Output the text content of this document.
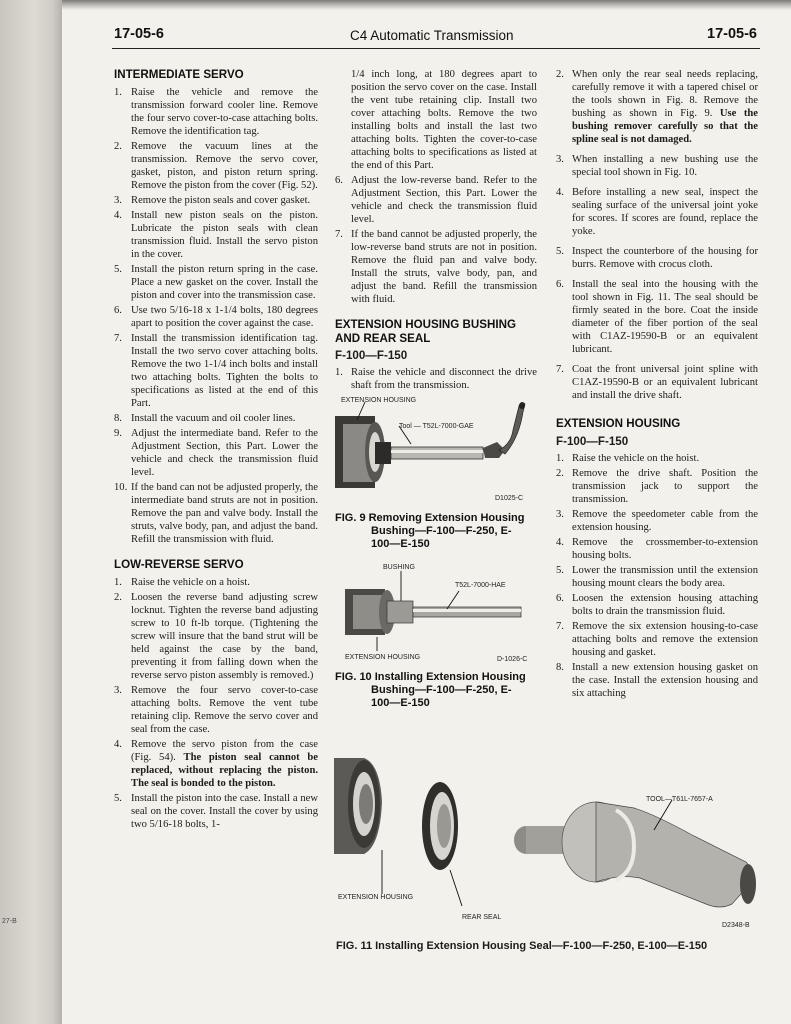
27-B
17-05-6	C4 Automatic Transmission	17-05-6
INTERMEDIATE SERVO
1. Raise the vehicle and remove the transmission forward cooler line. Remove the four servo cover-to-case attaching bolts. Remove the identification tag.
2. Remove the vacuum lines at the transmission. Remove the servo cover, gasket, piston, and piston return spring. Remove the piston from the cover (Fig. 52).
3. Remove the piston seals and cover gasket.
4. Install new piston seals on the piston. Lubricate the piston seals with clean transmission fluid. Install the servo piston in the cover.
5. Install the piston return spring in the case. Place a new gasket on the cover. Install the piston and cover into the transmission case.
6. Use two 5/16-18 x 1-1/4 bolts, 180 degrees apart to position the cover against the case.
7. Install the transmission identification tag. Install the two servo cover attaching bolts. Remove the two 1-1/4 inch bolts and install two attaching bolts. Tighten the bolts to specifications as listed at the end of this Part.
8. Install the vacuum and oil cooler lines.
9. Adjust the intermediate band. Refer to the Adjustment Section, this Part. Lower the vehicle and check the transmission fluid level.
10. If the band can not be adjusted properly, the intermediate band struts are not in position. Remove the pan and valve body. Install the struts, valve body, pan, and adjust the band. Refill the transmission with fluid.
LOW-REVERSE SERVO
1. Raise the vehicle on a hoist.
2. Loosen the reverse band adjusting screw locknut. Tighten the reverse band adjusting screw to 10 ft-lb torque. (Tightening the screw will insure that the band strut will be held against the case by the band, preventing it from falling down when the reverse servo piston assembly is removed.)
3. Remove the four servo cover-to-case attaching bolts. Remove the vent tube retaining clip. Remove the servo cover and seal from the case.
4. Remove the servo piston from the case (Fig. 54). The piston seal cannot be replaced, without replacing the piston. The seal is bonded to the piston.
5. Install the piston into the case. Install a new seal on the cover. Install the cover by using two 5/16-18 bolts, 1-

1/4 inch long, at 180 degrees apart to position the servo cover on the case. Install the vent tube retaining clip. Install two cover attaching bolts. Remove the two installing bolts and install the last two attaching bolts. Tighten the cover-to-case attaching bolts to specifications as listed at the end of this Part.

6. Adjust the low-reverse band. Refer to the Adjustment Section, this Part. Lower the vehicle and check the transmission fluid level.
7. If the band cannot be adjusted properly, the low-reverse band struts are not in position. Remove the fluid pan and valve body. Install the struts, valve body, pan, and adjust the band. Refill the transmission with fluid.
EXTENSION HOUSING BUSHING
AND REAR SEAL
F-100—F-150
1. Raise the vehicle and disconnect the drive shaft from the transmission.
EXTENSION HOUSING
Tool — T52L-7000-GAE
D1025-C
FIG. 9 Removing Extension Housing
Bushing—F-100—F-250, E-
100—E-150
BUSHING
T52L-7000-HAE
EXTENSION HOUSING	D-1026-C
FIG. 10 Installing Extension Housing
Bushing—F-100—F-250, E-
100—E-150
2. When only the rear seal needs replacing, carefully remove it with a tapered chisel or the tools shown in Fig. 8. Remove the bushing as shown in Fig. 9. Use the bushing remover carefully so that the spline seal is not damaged.
3. When installing a new bushing use the special tool shown in Fig. 10.
4. Before installing a new seal, inspect the sealing surface of the universal joint yoke for scores. If scores are found, replace the yoke.
5. Inspect the counterbore of the housing for burrs. Remove with crocus cloth.
6. Install the seal into the housing with the tool shown in Fig. 11. The seal should be firmly seated in the bore. Coat the inside diameter of the fiber portion of the seal with C1AZ-19590-B or an equivalent lubricant.
7. Coat the front universal joint spline with C1AZ-19590-B or an equivalent lubricant and install the drive shaft.
EXTENSION HOUSING
F-100—F-150
1. Raise the vehicle on the hoist.
2. Remove the drive shaft. Position the transmission jack to support the transmission.
3. Remove the speedometer cable from the extension housing.
4. Remove the crossmember-to-extension housing bolts.
5. Lower the transmission until the extension housing mount clears the body area.
6. Loosen the extension housing attaching bolts to drain the transmission fluid.
7. Remove the six extension housing-to-case attaching bolts and remove the extension housing and gasket.
8. Install a new extension housing gasket on the case. Install the extension housing and six attaching
TOOL—T61L-7657-A
EXTENSION HOUSING
REAR SEAL
D2348-B
FIG. 11 Installing Extension Housing Seal—F-100—F-250, E-100—E-150
